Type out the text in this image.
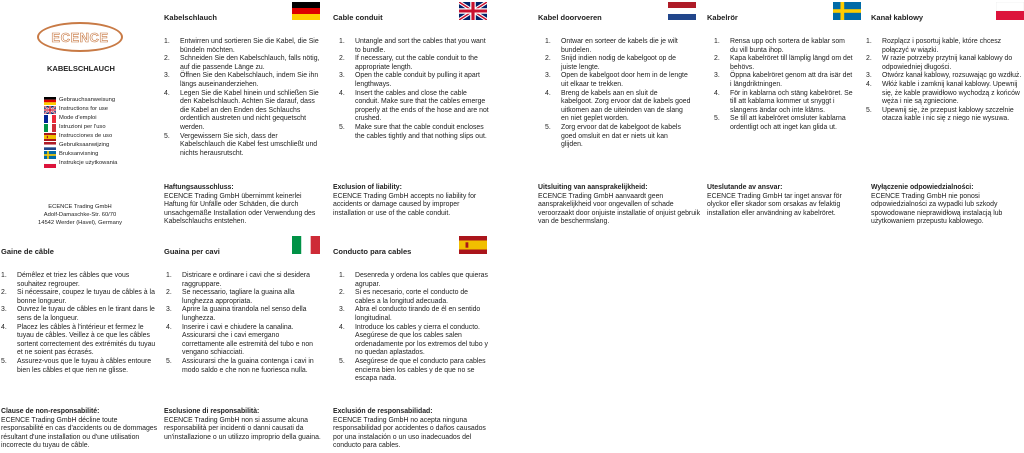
ECENCE
KABELSCHLAUCH
Gebrauchsanweisung
Instructions for use
Mode d'emploi
Istruzioni per l'uso
Instrucciones de uso
Gebruiksaanwijzing
Bruksanvisning
Instrukcje użytkowania
ECENCE Trading GmbH
Adolf-Damaschke-Str. 60/70
14542 Werder (Havel), Germany
Kabelschlauch
1.	Entwirren und sortieren Sie die Kabel, die Sie bündeln möchten.
2.	Schneiden Sie den Kabelschlauch, falls nötig, auf die passende Länge zu.
3.	Öffnen Sie den Kabelschlauch, indem Sie ihn längs auseinanderziehen.
4.	Legen Sie die Kabel hinein und schließen Sie den Kabelschlauch. Achten Sie darauf, dass die Kabel an den Enden des Schlauchs ordentlich austreten und nicht gequetscht werden.
5.	Vergewissern Sie sich, dass der Kabelschlauch die Kabel fest umschließt und nichts herausrutscht.
Haftungsausschluss:
ECENCE Trading GmbH übernimmt keinerlei Haftung für Unfälle oder Schäden, die durch unsachgemäße Installation oder Verwendung des Kabelschlauchs entstehen.
Cable conduit
1.	Untangle and sort the cables that you want to bundle.
2.	If necessary, cut the cable conduit to the appropriate length.
3.	Open the cable conduit by pulling it apart lengthways.
4.	Insert the cables and close the cable conduit. Make sure that the cables emerge properly at the ends of the hose and are not crushed.
5.	Make sure that the cable conduit encloses the cables tightly and that nothing slips out.
Exclusion of liability:
ECENCE Trading GmbH accepts no liability for accidents or damage caused by improper installation or use of the cable conduit.
Kabel doorvoeren
1.	Ontwar en sorteer de kabels die je wilt bundelen.
2.	Snijd indien nodig de kabelgoot op de juiste lengte.
3.	Open de kabelgoot door hem in de lengte uit elkaar te trekken.
4.	Breng de kabels aan en sluit de kabelgoot. Zorg ervoor dat de kabels goed uitkomen aan de uiteinden van de slang en niet geplet worden.
5.	Zorg ervoor dat de kabelgoot de kabels goed omsluit en dat er niets uit kan glijden.
Uitsluiting van aansprakelijkheid:
ECENCE Trading GmbH aanvaardt geen aansprakelijkheid voor ongevallen of schade veroorzaakt door onjuiste installatie of onjuist gebruik van de beschermslang.
Kabelrör
1.	Rensa upp och sortera de kablar som du vill bunta ihop.
2.	Kapa kabelröret till lämplig längd om det behövs.
3.	Öppna kabelröret genom att dra isär det i längdriktningen.
4.	För in kablarna och stäng kabelröret. Se till att kablarna kommer ut snyggt i slangens ändar och inte kläms.
5.	Se till att kabelröret omsluter kablarna ordentligt och att inget kan glida ut.
Uteslutande av ansvar:
ECENCE Trading GmbH tar inget ansvar för olyckor eller skador som orsakas av felaktig installation eller användning av kabelröret.
Kanał kablowy
1.	Rozplącz i posortuj kable, które chcesz połączyć w wiązki.
2.	W razie potrzeby przytnij kanał kablowy do odpowiedniej długości.
3.	Otwórz kanał kablowy, rozsuwając go wzdłuż.
4.	Włóż kable i zamknij kanał kablowy. Upewnij się, że kable prawidłowo wychodzą z końców węża i nie są zgniecione.
5.	Upewnij się, że przepust kablowy szczelnie otacza kable i nic się z niego nie wysuwa.
Wyłączenie odpowiedzialności:
ECENCE Trading GmbH nie ponosi odpowiedzialności za wypadki lub szkody spowodowane nieprawidłową instalacją lub użytkowaniem przepustu kablowego.
Gaine de câble
1.	Démêlez et triez les câbles que vous souhaitez regrouper.
2.	Si nécessaire, coupez le tuyau de câbles à la bonne longueur.
3.	Ouvrez le tuyau de câbles en le tirant dans le sens de la longueur.
4.	Placez les câbles à l'intérieur et fermez le tuyau de câbles. Veillez à ce que les câbles sortent correctement des extrémités du tuyau et ne soient pas écrasés.
5.	Assurez-vous que le tuyau à câbles entoure bien les câbles et que rien ne glisse.
Clause de non-responsabilité:
ECENCE Trading GmbH décline toute responsabilité en cas d'accidents ou de dommages résultant d'une installation ou d'une utilisation incorrecte du tuyau de câble.
Guaina per cavi
1.	Districare e ordinare i cavi che si desidera raggruppare.
2.	Se necessario, tagliare la guaina alla lunghezza appropriata.
3.	Aprire la guaina tirandola nel senso della lunghezza.
4.	Inserire i cavi e chiudere la canalina. Assicurarsi che i cavi emergano correttamente alle estremità del tubo e non vengano schiacciati.
5.	Assicurarsi che la guaina contenga i cavi in modo saldo e che non ne fuoriesca nulla.
Esclusione di responsabilità:
ECENCE Trading GmbH non si assume alcuna responsabilità per incidenti o danni causati da un'installazione o un utilizzo improprio della guaina.
Conducto para cables
1.	Desenreda y ordena los cables que quieras agrupar.
2.	Si es necesario, corte el conducto de cables a la longitud adecuada.
3.	Abra el conducto tirando de él en sentido longitudinal.
4.	Introduce los cables y cierra el conducto. Asegúrese de que los cables salen ordenadamente por los extremos del tubo y no quedan aplastados.
5.	Asegúrese de que el conducto para cables encierra bien los cables y de que no se escapa nada.
Exclusión de responsabilidad:
ECENCE Trading GmbH no acepta ninguna responsabilidad por accidentes o daños causados por una instalación o un uso inadecuados del conducto para cables.
